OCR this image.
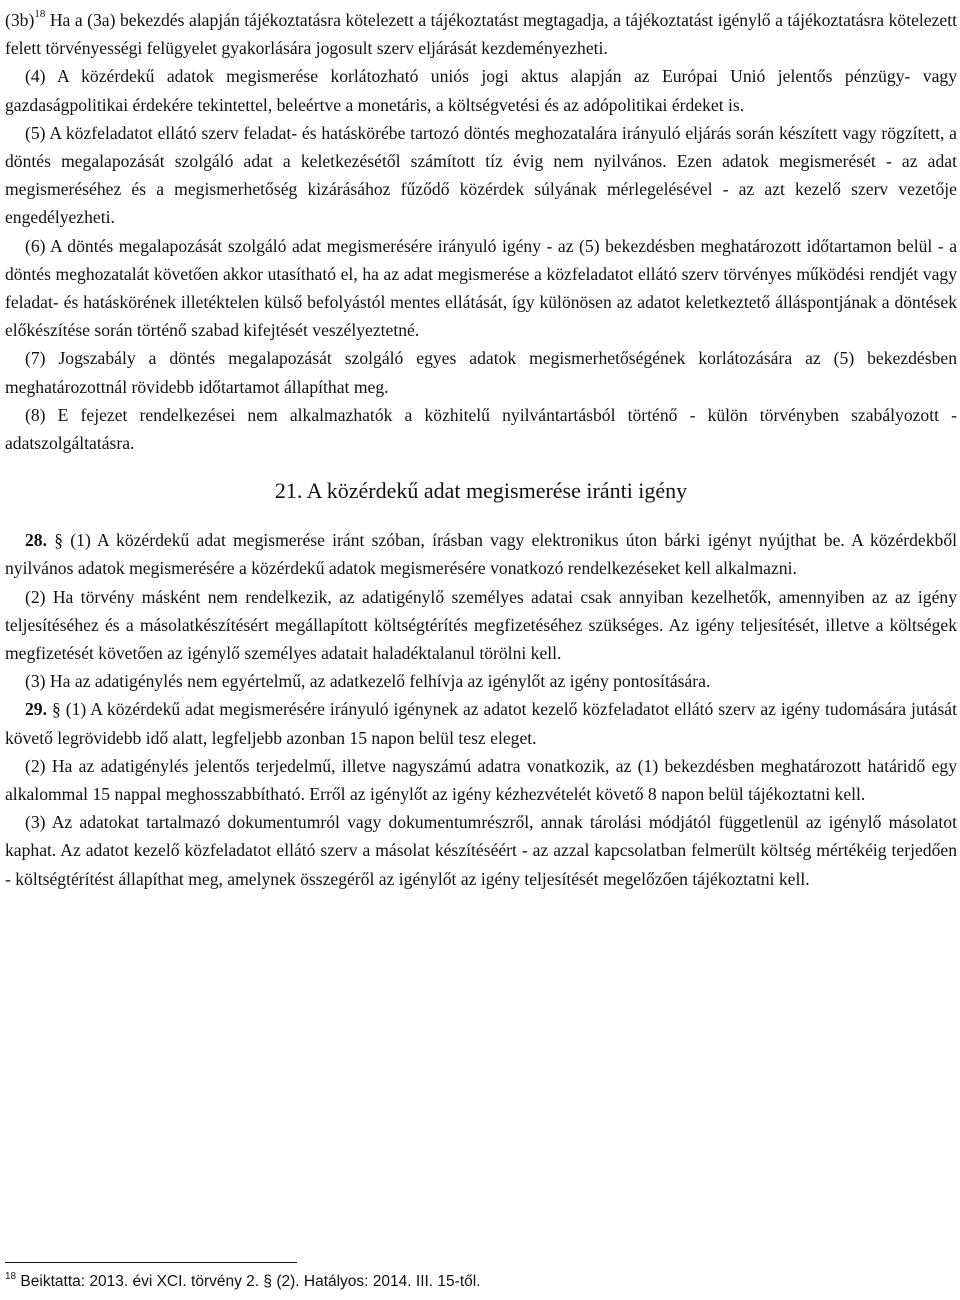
$(3b)^{18}$ Ha a (3a) bekezdés alapján tájékoztatásra kötelezett a tájékoztatást megtagadja, a tájékoztatást igénylő a tájékoztatásra kötelezett felett törvényességi felügyelet gyakorlására jogosult szerv eljárását kezdeményezheti.

(4) A közérdekű adatok megismerése korlátozható uniós jogi aktus alapján az Európai Unió jelentős pénzügy- vagy gazdaságpolitikai érdekére tekintettel, beleértve a monetáris, a költségvetési és az adópolitikai érdeket is.

(5) A közfeladatot ellátó szerv feladat- és hatáskörébe tartozó döntés meghozatalára irányuló eljárás során készített vagy rögzített, a döntés megalapozását szolgáló adat a keletkezésétől számított tíz évig nem nyilvános. Ezen adatok megismerését - az adat megismeréséhez és a megismerhetőség kizárásához fűződő közérdek súlyának mérlegelésével - az azt kezelő szerv vezetője engedélyezheti.

(6) A döntés megalapozását szolgáló adat megismerésére irányuló igény - az (5) bekezdésben meghatározott időtartamon belül - a döntés meghozatalát követően akkor utasítható el, ha az adat megismerése a közfeladatot ellátó szerv törvényes működési rendjét vagy feladat- és hatáskörének illetéktelen külső befolyástól mentes ellátását, így különösen az adatot keletkeztető álláspontjának a döntések előkészítése során történő szabad kifejtését veszélyeztetné.

(7) Jogszabály a döntés megalapozását szolgáló egyes adatok megismerhetőségének korlátozására az (5) bekezdésben meghatározottnál rövidebb időtartamot állapíthat meg.

(8) E fejezet rendelkezései nem alkalmazhatók a közhitelű nyilvántartásból történő - külön törvényben szabályozott - adatszolgáltatásra.

21. A közérdekű adat megismerése iránti igény

28. § (1) A közérdekű adat megismerése iránt szóban, írásban vagy elektronikus úton bárki igényt nyújthat be. A közérdekből nyilvános adatok megismerésére a közérdekű adatok megismerésére vonatkozó rendelkezéseket kell alkalmazni.

(2) Ha törvény másként nem rendelkezik, az adatigénylő személyes adatai csak annyiban kezelhetők, amennyiben az az igény teljesítéséhez és a másolatkészítésért megállapított költségtérítés megfizetéséhez szükséges. Az igény teljesítését, illetve a költségek megfizetését követően az igénylő személyes adatait haladéktalanul törölni kell.

(3) Ha az adatigénylés nem egyértelmű, az adatkezelő felhívja az igénylőt az igény pontosítására.

29. § (1) A közérdekű adat megismerésére irányuló igénynek az adatot kezelő közfeladatot ellátó szerv az igény tudomására jutását követő legrövidebb idő alatt, legfeljebb azonban 15 napon belül tesz eleget.

(2) Ha az adatigénylés jelentős terjedelmű, illetve nagyszámú adatra vonatkozik, az (1) bekezdésben meghatározott határidő egy alkalommal 15 nappal meghosszabbítható. Erről az igénylőt az igény kézhezvételét követő 8 napon belül tájékoztatni kell.

(3) Az adatokat tartalmazó dokumentumról vagy dokumentumrészről, annak tárolási módjától függetlenül az igénylő másolatot kaphat. Az adatot kezelő közfeladatot ellátó szerv a másolat készítéséért - az azzal kapcsolatban felmerült költség mértékéig terjedően - költségtérítést állapíthat meg, amelynek összegéről az igénylőt az igény teljesítését megelőzően tájékoztatni kell.

$^{18}$ Beiktatta: 2013. évi XCI. törvény 2. § (2). Hatályos: 2014. III. 15-től.
